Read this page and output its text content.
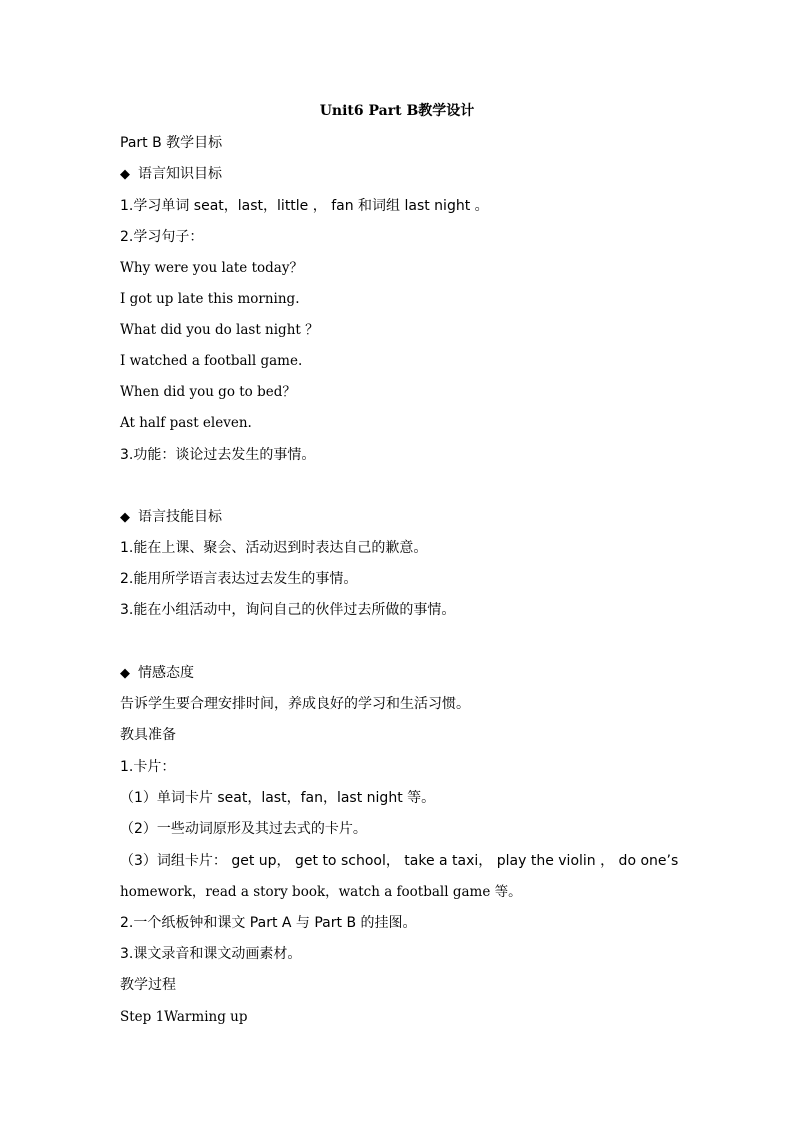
Unit6 Part B教学设计
Part B 教学目标
◆ 语言知识目标
1.学习单词 seat，last，little ， fan 和词组 last night 。
2.学习句子：
Why were you late today？
I got up late this morning.
What did you do last night ？
I watched a football game.
When did you go to bed？
At half past eleven.
3.功能：谈论过去发生的事情。
◆ 语言技能目标
1.能在上课、聚会、活动迟到时表达自己的歉意。
2.能用所学语言表达过去发生的事情。
3.能在小组活动中，询问自己的伙伴过去所做的事情。
◆ 情感态度
告诉学生要合理安排时间，养成良好的学习和生活习惯。
教具准备
1.卡片：
（1）单词卡片 seat，last，fan，last night 等。
（2）一些动词原形及其过去式的卡片。
（3）词组卡片： get up， get to school， take a taxi， play the violin ， do one’s
homework，read a story book，watch a football game 等。
2.一个纸板钟和课文 Part A 与 Part B 的挂图。
3.课文录音和课文动画素材。
教学过程
Step 1Warming up
